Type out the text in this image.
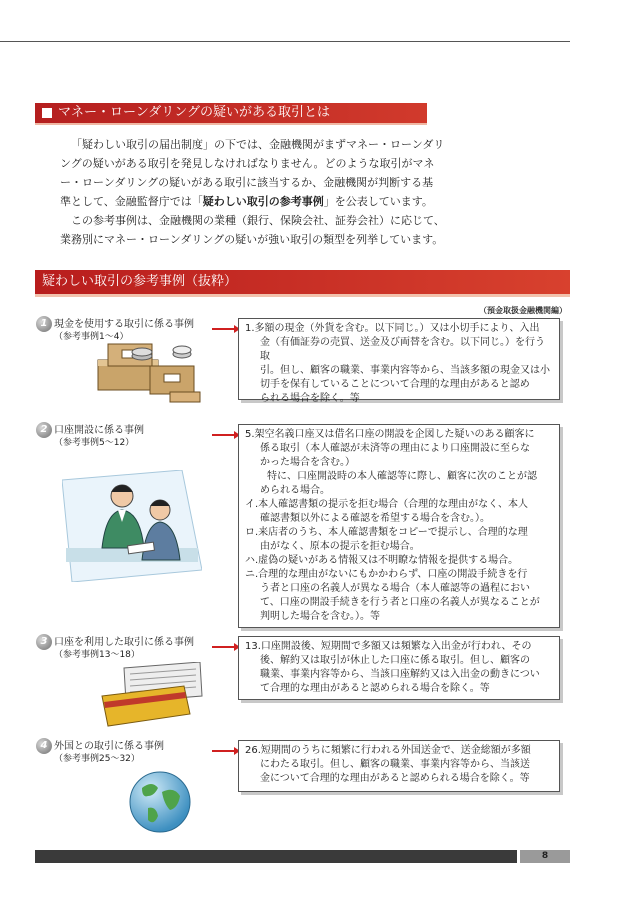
マネー・ローンダリングの疑いがある取引とは

「疑わしい取引の届出制度」の下では、金融機関がまずマネー・ローンダリ
ングの疑いがある取引を発見しなければなりません。どのような取引がマネ
ー・ローンダリングの疑いがある取引に該当するか、金融機関が判断する基
準として、金融監督庁では「疑わしい取引の参考事例」を公表しています。

この参考事例は、金融機関の業種（銀行、保険会社、証券会社）に応じて、
業務別にマネー・ローンダリングの疑いが強い取引の類型を列挙しています。

疑わしい取引の参考事例（抜粋）
（預金取扱金融機関編）
1 現金を使用する取引に係る事例
（参考事例1～4）

1.多額の現金（外貨を含む。以下同じ。）又は小切手により、入出

金（有価証券の売買、送金及び両替を含む。以下同じ。）を行う取

引。但し、顧客の職業、事業内容等から、当該多額の現金又は小

切手を保有していることについて合理的な理由があると認め

られる場合を除く。等

2 口座開設に係る事例
（参考事例5～12）

5.架空名義口座又は借名口座の開設を企図した疑いのある顧客に

係る取引（本人確認が未済等の理由により口座開設に至らな

かった場合を含む。）

特に、口座開設時の本人確認等に際し、顧客に次のことが認

められる場合。

イ.本人確認書類の提示を拒む場合（合理的な理由がなく、本人

確認書類以外による確認を希望する場合を含む。）。

ロ.来店者のうち、本人確認書類をコピーで提示し、合理的な理

由がなく、原本の提示を拒む場合。

ハ.虚偽の疑いがある情報又は不明瞭な情報を提供する場合。

ニ.合理的な理由がないにもかかわらず、口座の開設手続きを行

う者と口座の名義人が異なる場合（本人確認等の過程におい

て、口座の開設手続きを行う者と口座の名義人が異なることが

判明した場合を含む。）。等

3 口座を利用した取引に係る事例
（参考事例13～18）

13.口座開設後、短期間で多額又は頻繁な入出金が行われ、その

後、解約又は取引が休止した口座に係る取引。但し、顧客の

職業、事業内容等から、当該口座解約又は入出金の動きについ

て合理的な理由があると認められる場合を除く。等

4 外国との取引に係る事例
（参考事例25～32）

26.短期間のうちに頻繁に行われる外国送金で、送金総額が多額

にわたる取引。但し、顧客の職業、事業内容等から、当該送

金について合理的な理由があると認められる場合を除く。等

8
